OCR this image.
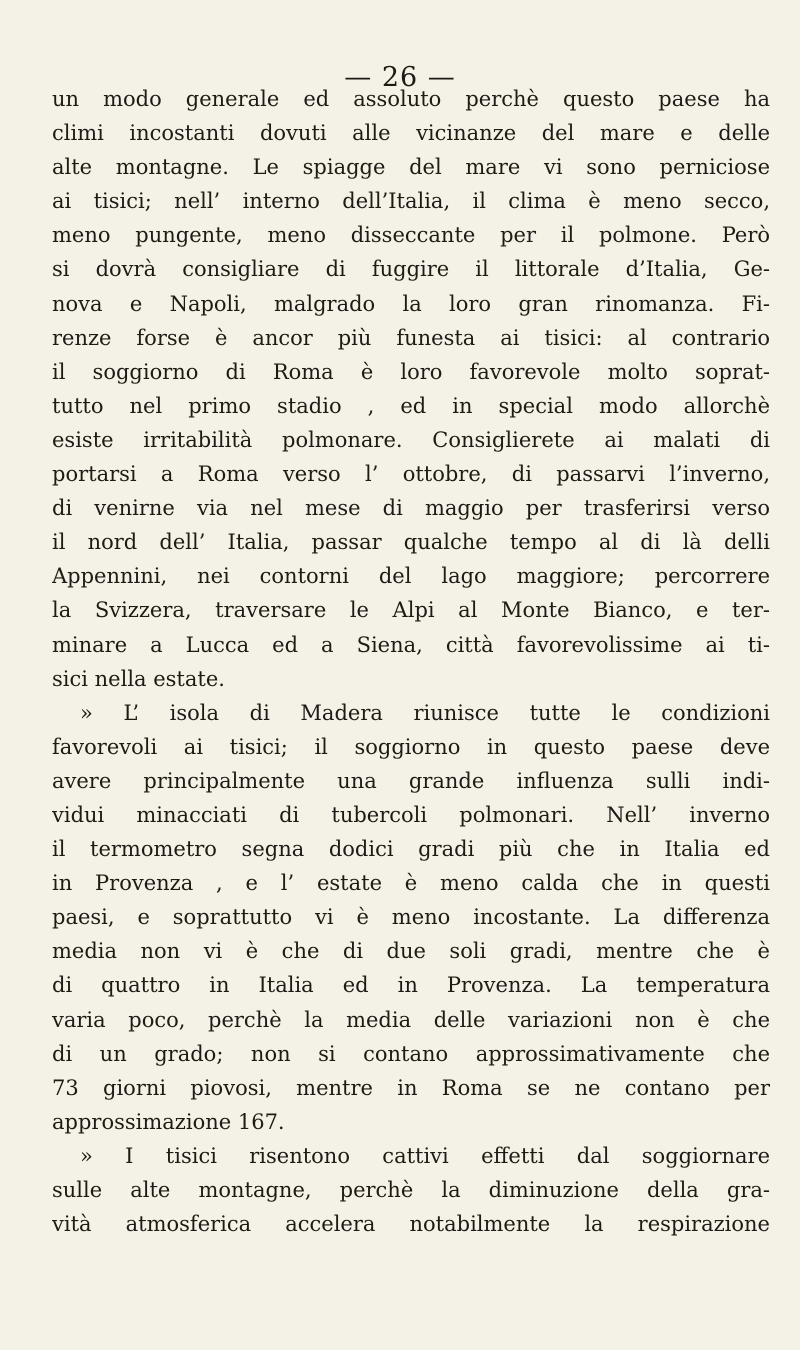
— 26 —
un modo generale ed assoluto perchè questo paese ha
climi incostanti dovuti alle vicinanze del mare e delle
alte montagne. Le spiagge del mare vi sono perniciose
ai tisici; nell’ interno dell’Italia, il clima è meno secco,
meno pungente, meno disseccante per il polmone. Però
si dovrà consigliare di fuggire il littorale d’Italia, Ge-
nova e Napoli, malgrado la loro gran rinomanza. Fi-
renze forse è ancor più funesta ai tisici: al contrario
il soggiorno di Roma è loro favorevole molto soprat-
tutto nel primo stadio , ed in special modo allorchè
esiste irritabilità polmonare. Consiglierete ai malati di
portarsi a Roma verso l’ ottobre, di passarvi l’inverno,
di venirne via nel mese di maggio per trasferirsi verso
il nord dell’ Italia, passar qualche tempo al di là delli
Appennini, nei contorni del lago maggiore; percorrere
la Svizzera, traversare le Alpi al Monte Bianco, e ter-
minare a Lucca ed a Siena, città favorevolissime ai ti-
sici nella estate.
» L’ isola di Madera riunisce tutte le condizioni
favorevoli ai tisici; il soggiorno in questo paese deve
avere principalmente una grande influenza sulli indi-
vidui minacciati di tubercoli polmonari. Nell’ inverno
il termometro segna dodici gradi più che in Italia ed
in Provenza , e l’ estate è meno calda che in questi
paesi, e soprattutto vi è meno incostante. La differenza
media non vi è che di due soli gradi, mentre che è
di quattro in Italia ed in Provenza. La temperatura
varia poco, perchè la media delle variazioni non è che
di un grado; non si contano approssimativamente che
73 giorni piovosi, mentre in Roma se ne contano per
approssimazione 167.
» I tisici risentono cattivi effetti dal soggiornare
sulle alte montagne, perchè la diminuzione della gra-
vità atmosferica accelera notabilmente la respirazione
